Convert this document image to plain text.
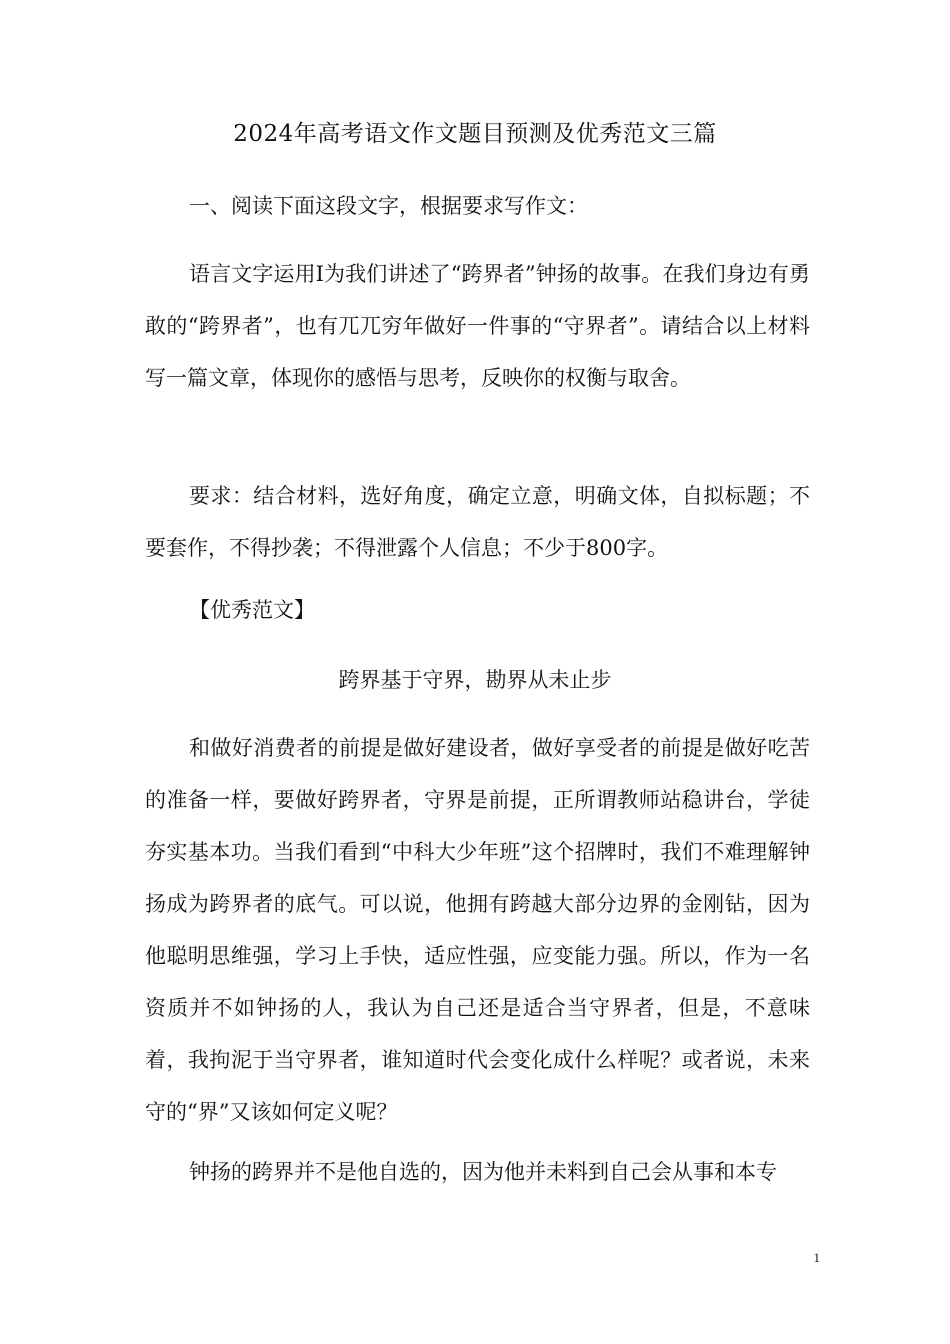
2024年高考语文作文题目预测及优秀范文三篇

一、阅读下面这段文字，根据要求写作文：

语言文字运用Ⅰ为我们讲述了“跨界者”钟扬的故事。在我们身边有勇敢的“跨界者”，也有兀兀穷年做好一件事的“守界者”。请结合以上材料写一篇文章，体现你的感悟与思考，反映你的权衡与取舍。

要求：结合材料，选好角度，确定立意，明确文体，自拟标题；不要套作，不得抄袭；不得泄露个人信息；不少于800字。

【优秀范文】

跨界基于守界，勘界从未止步

和做好消费者的前提是做好建设者，做好享受者的前提是做好吃苦的准备一样，要做好跨界者，守界是前提，正所谓教师站稳讲台，学徒夯实基本功。当我们看到“中科大少年班”这个招牌时，我们不难理解钟扬成为跨界者的底气。可以说，他拥有跨越大部分边界的金刚钻，因为他聪明思维强，学习上手快，适应性强，应变能力强。所以，作为一名资质并不如钟扬的人，我认为自己还是适合当守界者，但是，不意味着，我拘泥于当守界者，谁知道时代会变化成什么样呢？或者说，未来守的“界”又该如何定义呢？

钟扬的跨界并不是他自选的，因为他并未料到自己会从事和本专

1
